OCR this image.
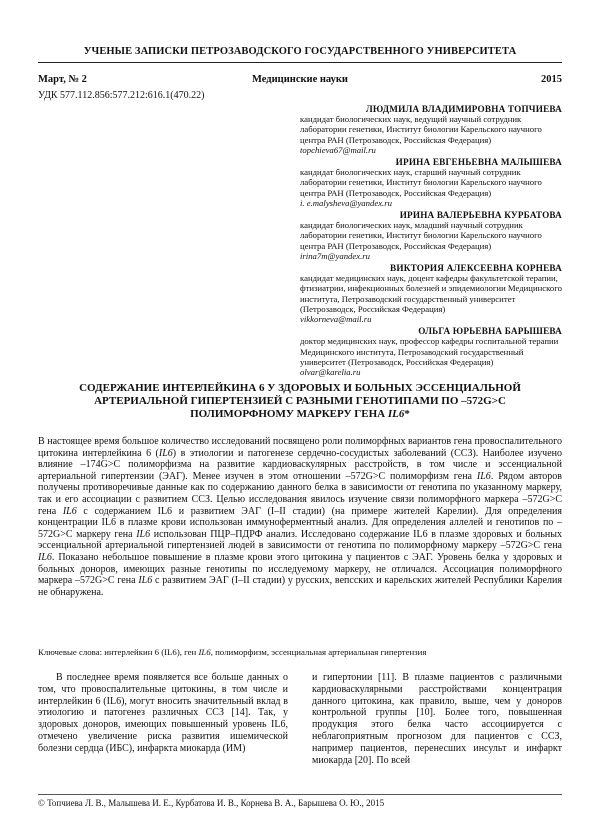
УЧЕНЫЕ ЗАПИСКИ ПЕТРОЗАВОДСКОГО ГОСУДАРСТВЕННОГО УНИВЕРСИТЕТА
Март, № 2	Медицинские науки	2015
УДК 577.112.856:577.212:616.1(470.22)
ЛЮДМИЛА ВЛАДИМИРОВНА ТОПЧИЕВА
кандидат биологических наук, ведущий научный сотрудник лаборатории генетики, Институт биологии Карельского научного центра РАН (Петрозаводск, Российская Федерация)
topchieva67@mail.ru
ИРИНА ЕВГЕНЬЕВНА МАЛЫШЕВА
кандидат биологических наук, старший научный сотрудник лаборатории генетики, Институт биологии Карельского научного центра РАН (Петрозаводск, Российская Федерация)
i. e.malysheva@yandex.ru
ИРИНА ВАЛЕРЬЕВНА КУРБАТОВА
кандидат биологических наук, младший научный сотрудник лаборатории генетики, Институт биологии Карельского научного центра РАН (Петрозаводск, Российская Федерация)
irina7m@yandex.ru
ВИКТОРИЯ АЛЕКСЕЕВНА КОРНЕВА
кандидат медицинских наук, доцент кафедры факультетской терапии, фтизиатрии, инфекционных болезней и эпидемиологии Медицинского института, Петрозаводский государственный университет (Петрозаводск, Российская Федерация)
vikkorneva@mail.ru
ОЛЬГА ЮРЬЕВНА БАРЫШЕВА
доктор медицинских наук, профессор кафедры госпитальной терапии Медицинского института, Петрозаводский государственный университет (Петрозаводск, Российская Федерация)
olvar@karelia.ru
СОДЕРЖАНИЕ ИНТЕРЛЕЙКИНА 6 У ЗДОРОВЫХ И БОЛЬНЫХ ЭССЕНЦИАЛЬНОЙ
АРТЕРИАЛЬНОЙ ГИПЕРТЕНЗИЕЙ С РАЗНЫМИ ГЕНОТИПАМИ ПО –572G>C
ПОЛИМОРФНОМУ МАРКЕРУ ГЕНА IL6*

В настоящее время большое количество исследований посвящено роли полиморфных вариантов гена провоспалительного цитокина интерлейкина 6 (IL6) в этиологии и патогенезе сердечно-сосудистых заболеваний (ССЗ). Наиболее изучено влияние –174G>C полиморфизма на развитие кардиоваскулярных расстройств, в том числе и эссенциальной артериальной гипертензии (ЭАГ). Менее изучен в этом отношении –572G>C полиморфизм гена IL6. Рядом авторов получены противоречивые данные как по содержанию данного белка в зависимости от генотипа по указанному маркеру, так и его ассоциации с развитием ССЗ. Целью исследования явилось изучение связи полиморфного маркера –572G>C гена IL6 с содержанием IL6 и развитием ЭАГ (I–II стадии) (на примере жителей Карелии). Для определения концентрации IL6 в плазме крови использован иммуноферментный анализ. Для определения аллелей и генотипов по –572G>C маркеру гена IL6 использован ПЦР–ПДРФ анализ. Исследовано содержание IL6 в плазме здоровых и больных эссенциальной артериальной гипертензией людей в зависимости от генотипа по полиморфному маркеру –572G>C гена IL6. Показано небольшое повышение в плазме крови этого цитокина у пациентов с ЭАГ. Уровень белка у здоровых и больных доноров, имеющих разные генотипы по исследуемому маркеру, не отличался. Ассоциация полиморфного маркера –572G>C гена IL6 с развитием ЭАГ (I–II стадии) у русских, вепсских и карельских жителей Республики Карелия не обнаружена.

Ключевые слова: интерлейкин 6 (IL6), ген IL6, полиморфизм, эссенциальная артериальная гипертензия

В последнее время появляется все больше данных о том, что провоспалительные цитокины, в том числе и интерлейкин 6 (IL6), могут вносить значительный вклад в этиологию и патогенез различных ССЗ [14]. Так, у здоровых доноров, имеющих повышенный уровень IL6, отмечено увеличение риска развития ишемической болезни сердца (ИБС), инфаркта миокарда (ИМ)

и гипертонии [11]. В плазме пациентов с различными кардиоваскулярными расстройствами концентрация данного цитокина, как правило, выше, чем у доноров контрольной группы [10]. Более того, повышенная продукция этого белка часто ассоциируется с неблагоприятным прогнозом для пациентов с ССЗ, например пациентов, перенесших инсульт и инфаркт миокарда [20]. По всей

© Топчиева Л. В., Малышева И. Е., Курбатова И. В., Корнева В. А., Барышева О. Ю., 2015
